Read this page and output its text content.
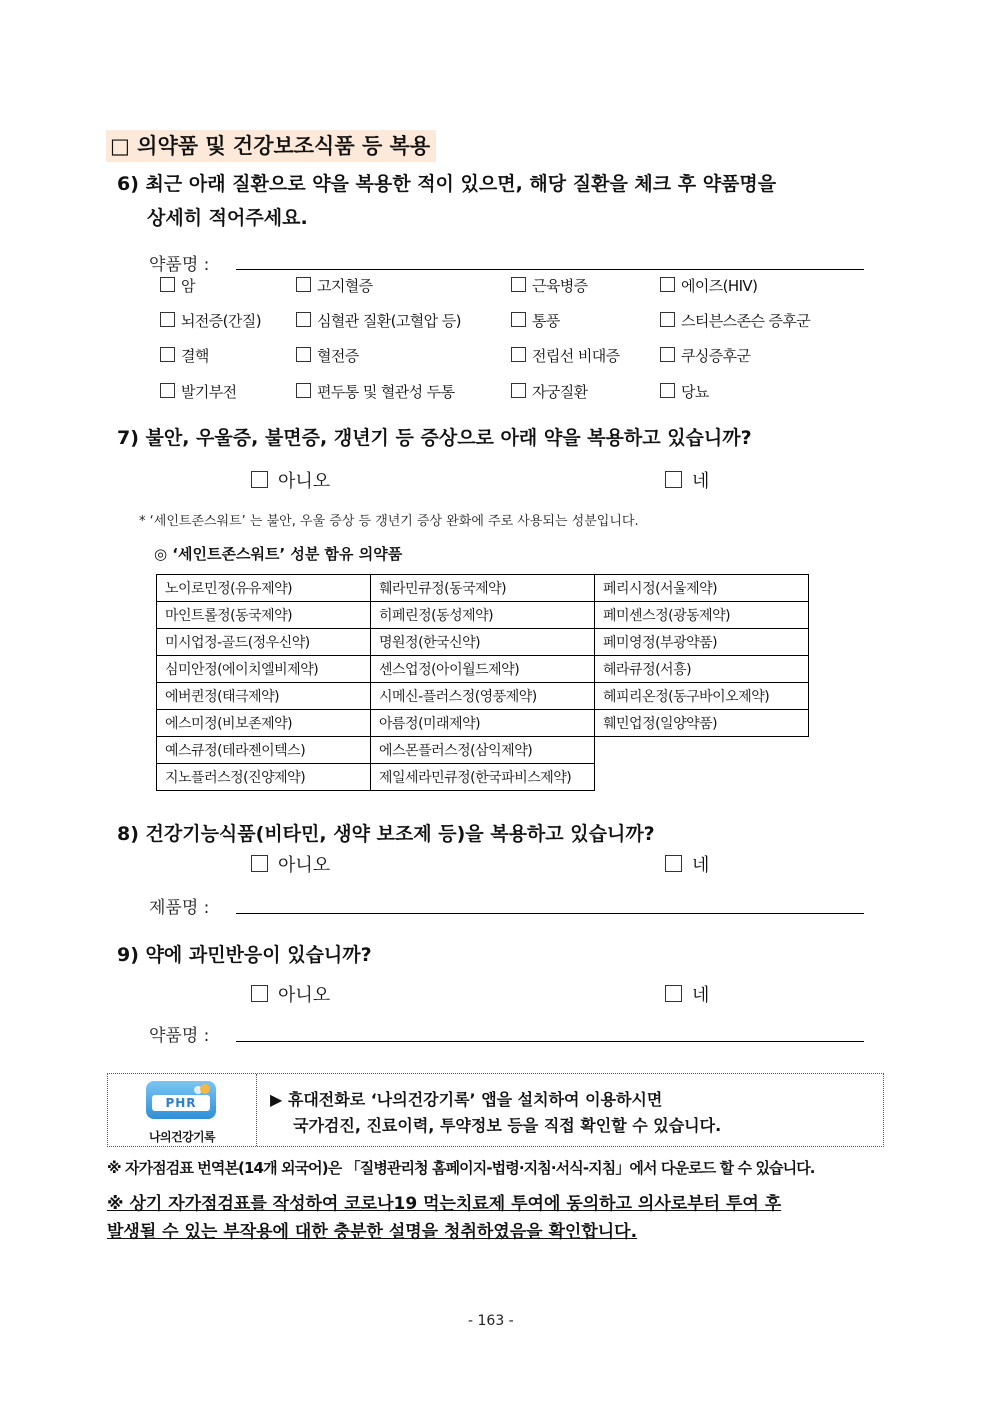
□ 의약품 및 건강보조식품 등 복용
6) 최근 아래 질환으로 약을 복용한 적이 있으면, 해당 질환을 체크 후 약품명을
상세히 적어주세요.
약품명 :
암	고지혈증	근육병증	에이즈(HIV)
뇌전증(간질)	심혈관 질환(고혈압 등)	통풍	스티븐스존슨 증후군
결핵	혈전증	전립선 비대증	쿠싱증후군
발기부전	편두통 및 혈관성 두통	자궁질환	당뇨
7) 불안, 우울증, 불면증, 갱년기 등 증상으로 아래 약을 복용하고 있습니까?
아니오	네
* ‘세인트존스워트’ 는 불안, 우울 증상 등 갱년기 증상 완화에 주로 사용되는 성분입니다.
◎ ‘세인트존스워트’ 성분 함유 의약품
노이로민정(유유제약)	훼라민큐정(동국제약)	페리시정(서울제약)
마인트롤정(동국제약)	히페린정(동성제약)	페미센스정(광동제약)
미시업정-골드(정우신약)	명원정(한국신약)	페미영정(부광약품)
심미안정(에이치엘비제약)	센스업정(아이월드제약)	헤라큐정(서흥)
에버퀸정(태극제약)	시메신-플러스정(영풍제약)	헤피리온정(동구바이오제약)
에스미정(비보존제약)	아름정(미래제약)	훼민업정(일양약품)
예스큐정(테라젠이텍스)	에스몬플러스정(삼익제약)	
지노플러스정(진양제약)	제일세라민큐정(한국파비스제약)	
8) 건강기능식품(비타민, 생약 보조제 등)을 복용하고 있습니까?
아니오	네
제품명 :
9) 약에 과민반응이 있습니까?
아니오	네
약품명 :
PHR
나의건강기록
▶ 휴대전화로 ‘나의건강기록’ 앱을 설치하여 이용하시면
국가검진, 진료이력, 투약정보 등을 직접 확인할 수 있습니다.
※ 자가점검표 번역본(14개 외국어)은 「질병관리청 홈페이지-법령·지침·서식-지침」에서 다운로드 할 수 있습니다.
※ 상기 자가점검표를 작성하여 코로나19 먹는치료제 투여에 동의하고 의사로부터 투여 후
발생될 수 있는 부작용에 대한 충분한 설명을 청취하였음을 확인합니다.
- 163 -
